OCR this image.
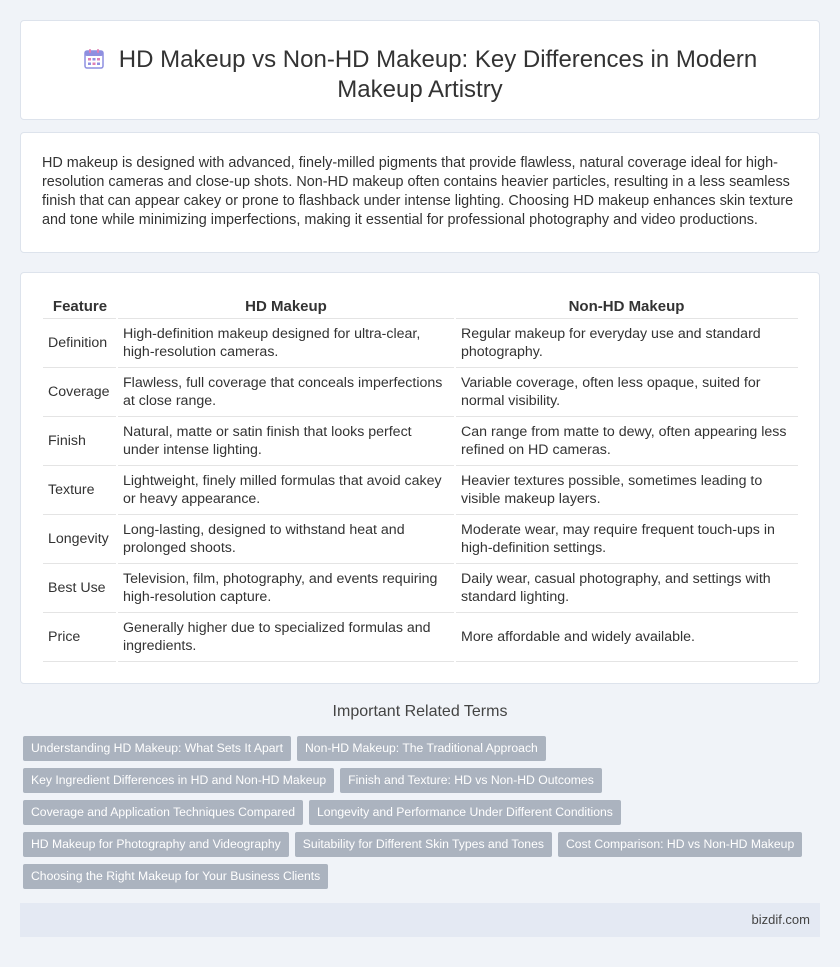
HD Makeup vs Non-HD Makeup: Key Differences in Modern Makeup Artistry

HD makeup is designed with advanced, finely-milled pigments that provide flawless, natural coverage ideal for high-resolution cameras and close-up shots. Non-HD makeup often contains heavier particles, resulting in a less seamless finish that can appear cakey or prone to flashback under intense lighting. Choosing HD makeup enhances skin texture and tone while minimizing imperfections, making it essential for professional photography and video productions.

Feature	HD Makeup	Non-HD Makeup
Definition	High-definition makeup designed for ultra-clear, high-resolution cameras.	Regular makeup for everyday use and standard photography.
Coverage	Flawless, full coverage that conceals imperfections at close range.	Variable coverage, often less opaque, suited for normal visibility.
Finish	Natural, matte or satin finish that looks perfect under intense lighting.	Can range from matte to dewy, often appearing less refined on HD cameras.
Texture	Lightweight, finely milled formulas that avoid cakey or heavy appearance.	Heavier textures possible, sometimes leading to visible makeup layers.
Longevity	Long-lasting, designed to withstand heat and prolonged shoots.	Moderate wear, may require frequent touch-ups in high-definition settings.
Best Use	Television, film, photography, and events requiring high-resolution capture.	Daily wear, casual photography, and settings with standard lighting.
Price	Generally higher due to specialized formulas and ingredients.	More affordable and widely available.
Important Related Terms
Understanding HD Makeup: What Sets It Apart Non-HD Makeup: The Traditional Approach
Key Ingredient Differences in HD and Non-HD Makeup Finish and Texture: HD vs Non-HD Outcomes
Coverage and Application Techniques Compared Longevity and Performance Under Different Conditions
HD Makeup for Photography and Videography Suitability for Different Skin Types and Tones Cost Comparison: HD vs Non-HD Makeup
Choosing the Right Makeup for Your Business Clients
bizdif.com
